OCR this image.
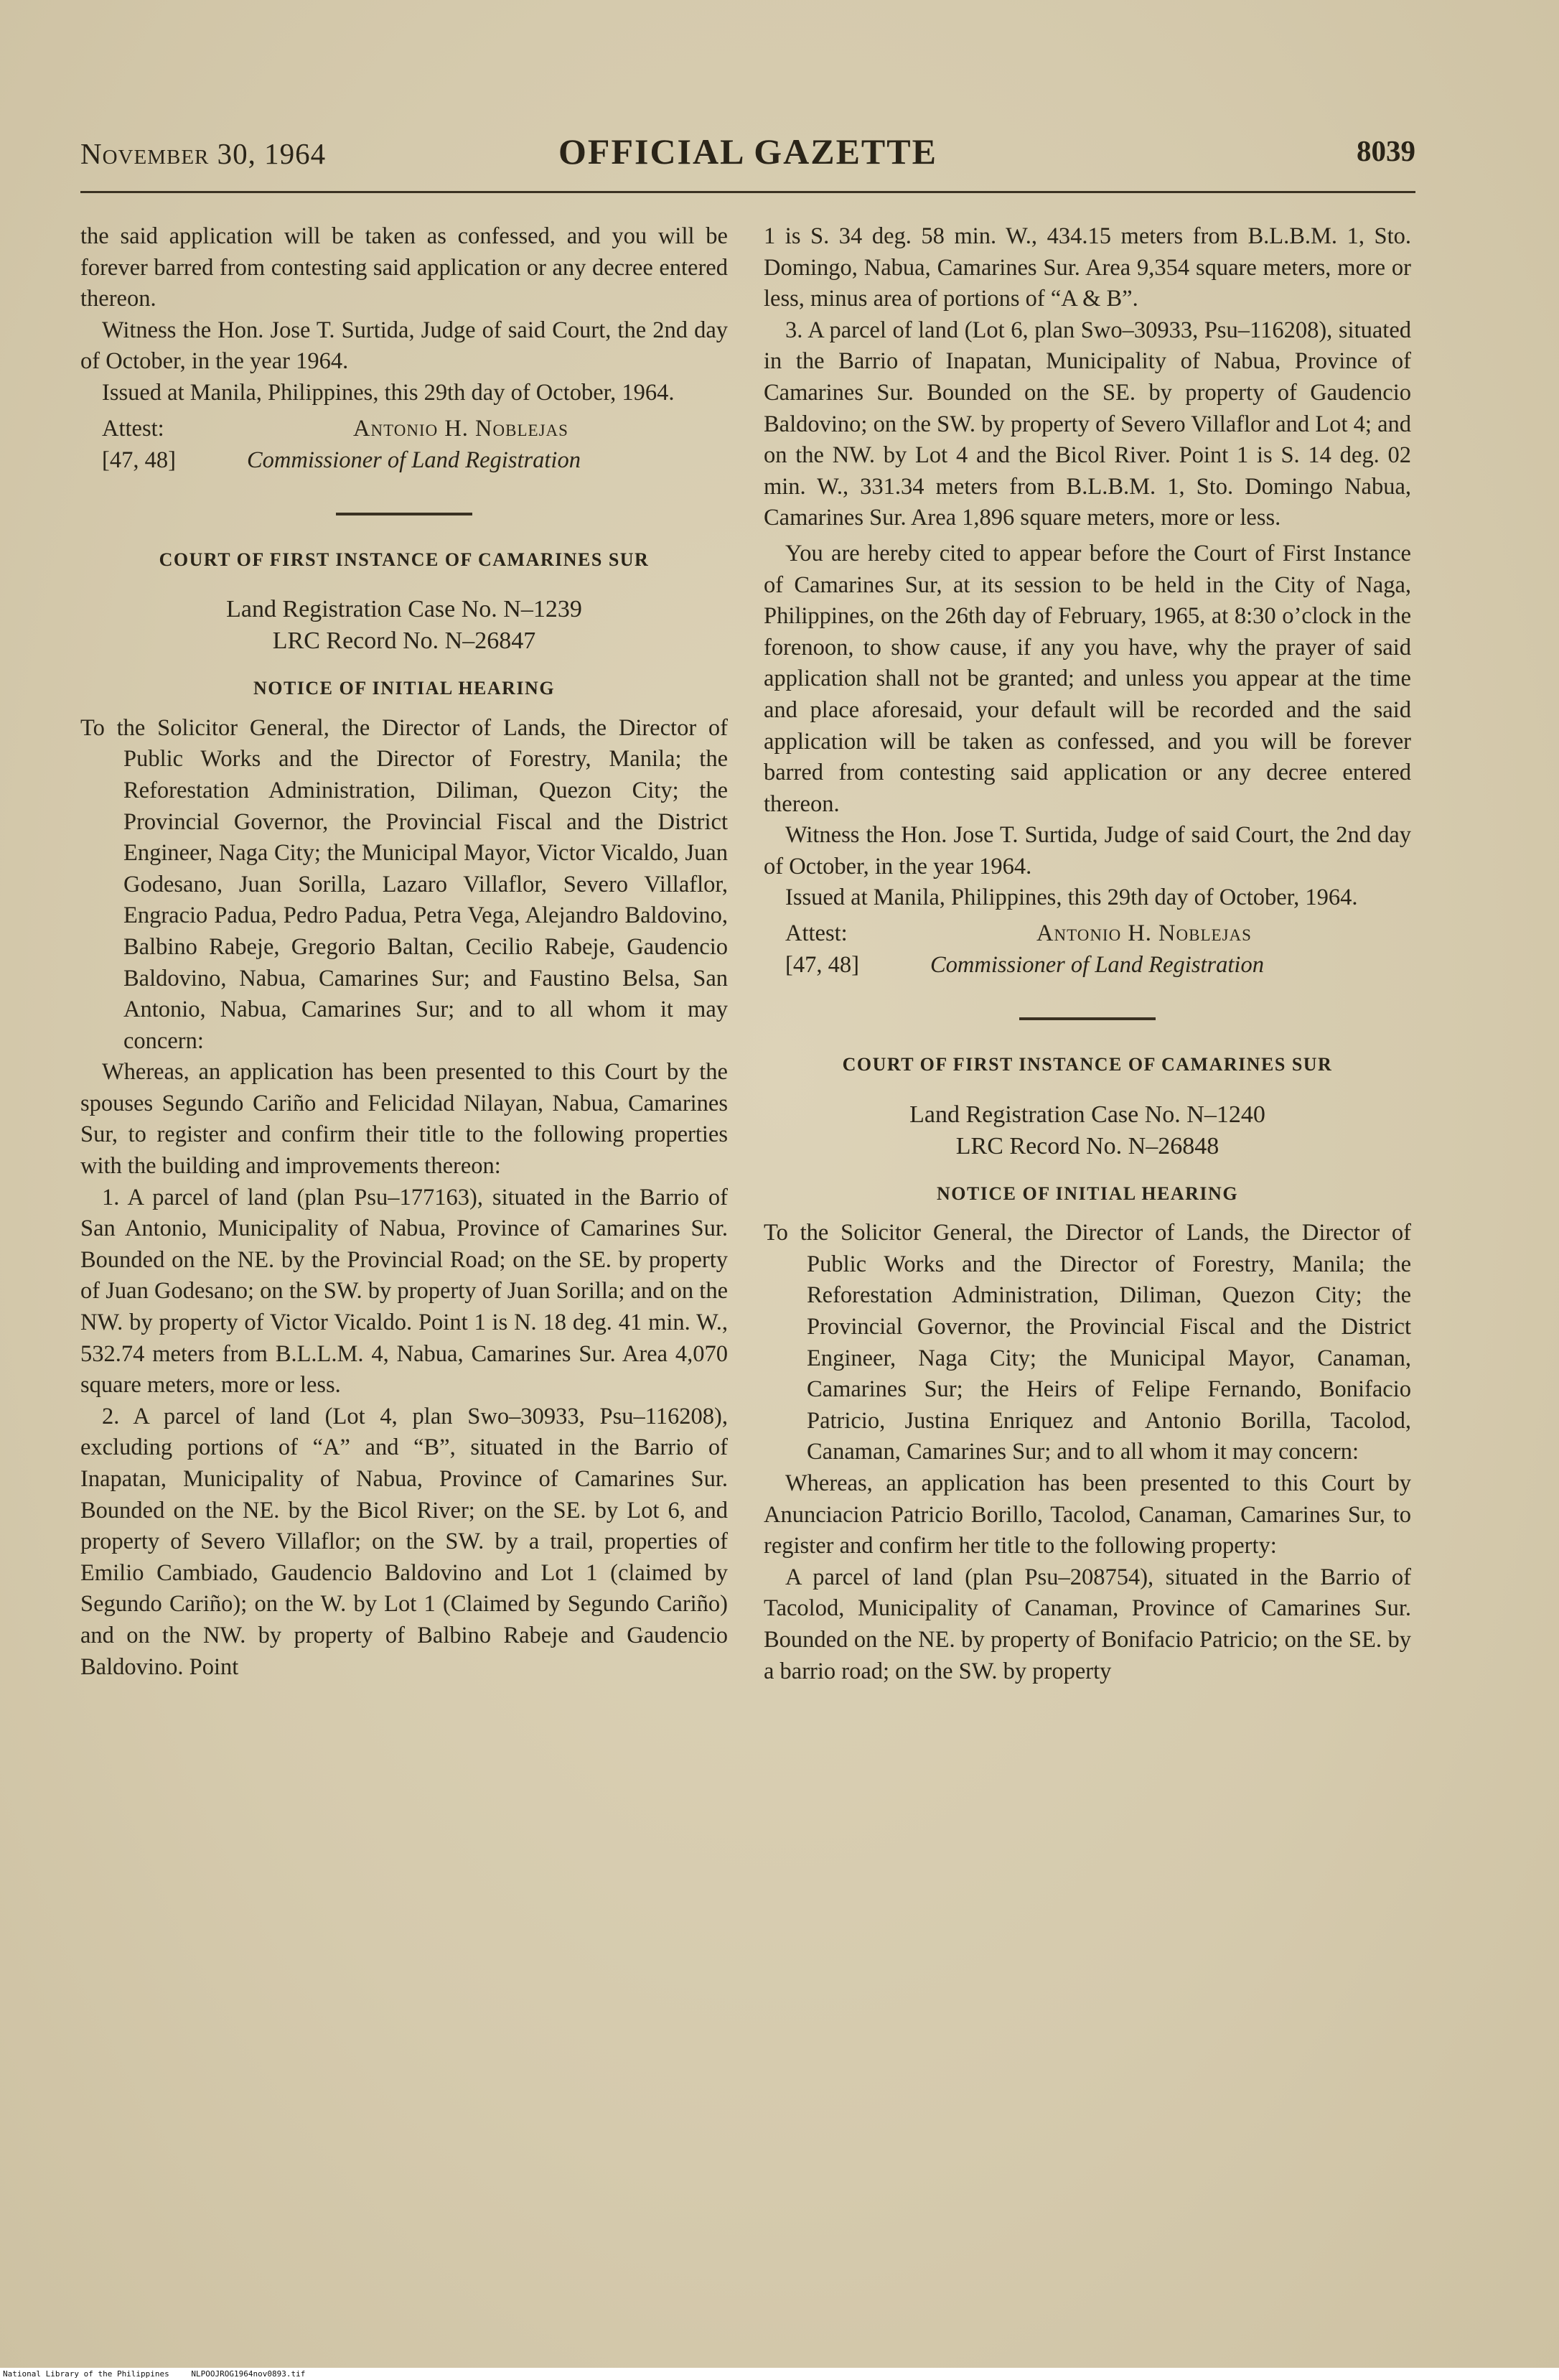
November 30, 1964	OFFICIAL GAZETTE	8039

the said application will be taken as confessed, and you will be forever barred from contesting said application or any decree entered thereon.

Witness the Hon. Jose T. Surtida, Judge of said Court, the 2nd day of October, in the year 1964.

Issued at Manila, Philippines, this 29th day of October, 1964.

Attest:	Antonio H. Noblejas
[47, 48]	Commissioner of Land Registration
COURT OF FIRST INSTANCE OF CAMARINES SUR
Land Registration Case No. N–1239
LRC Record No. N–26847
NOTICE OF INITIAL HEARING

To the Solicitor General, the Director of Lands, the Director of Public Works and the Director of Forestry, Manila; the Reforestation Administration, Diliman, Quezon City; the Provincial Governor, the Provincial Fiscal and the District Engineer, Naga City; the Municipal Mayor, Victor Vicaldo, Juan Godesano, Juan Sorilla, Lazaro Villaflor, Severo Villaflor, Engracio Padua, Pedro Padua, Petra Vega, Alejandro Baldovino, Balbino Rabeje, Gregorio Baltan, Cecilio Rabeje, Gaudencio Baldovino, Nabua, Camarines Sur; and Faustino Belsa, San Antonio, Nabua, Camarines Sur; and to all whom it may concern:

Whereas, an application has been presented to this Court by the spouses Segundo Cariño and Felicidad Nilayan, Nabua, Camarines Sur, to register and confirm their title to the following properties with the building and improvements thereon:

1. A parcel of land (plan Psu–177163), situated in the Barrio of San Antonio, Municipality of Nabua, Province of Camarines Sur. Bounded on the NE. by the Provincial Road; on the SE. by property of Juan Godesano; on the SW. by property of Juan Sorilla; and on the NW. by property of Victor Vicaldo. Point 1 is N. 18 deg. 41 min. W., 532.74 meters from B.L.L.M. 4, Nabua, Camarines Sur. Area 4,070 square meters, more or less.

2. A parcel of land (Lot 4, plan Swo–30933, Psu–116208), excluding portions of “A” and “B”, situated in the Barrio of Inapatan, Municipality of Nabua, Province of Camarines Sur. Bounded on the NE. by the Bicol River; on the SE. by Lot 6, and property of Severo Villaflor; on the SW. by a trail, properties of Emilio Cambiado, Gaudencio Baldovino and Lot 1 (claimed by Segundo Cariño); on the W. by Lot 1 (Claimed by Segundo Cariño) and on the NW. by property of Balbino Rabeje and Gaudencio Baldovino. Point

1 is S. 34 deg. 58 min. W., 434.15 meters from B.L.B.M. 1, Sto. Domingo, Nabua, Camarines Sur. Area 9,354 square meters, more or less, minus area of portions of “A & B”.

3. A parcel of land (Lot 6, plan Swo–30933, Psu–116208), situated in the Barrio of Inapatan, Municipality of Nabua, Province of Camarines Sur. Bounded on the SE. by property of Gaudencio Baldovino; on the SW. by property of Severo Villaflor and Lot 4; and on the NW. by Lot 4 and the Bicol River. Point 1 is S. 14 deg. 02 min. W., 331.34 meters from B.L.B.M. 1, Sto. Domingo Nabua, Camarines Sur. Area 1,896 square meters, more or less.

You are hereby cited to appear before the Court of First Instance of Camarines Sur, at its session to be held in the City of Naga, Philippines, on the 26th day of February, 1965, at 8:30 o’clock in the forenoon, to show cause, if any you have, why the prayer of said application shall not be granted; and unless you appear at the time and place aforesaid, your default will be recorded and the said application will be taken as confessed, and you will be forever barred from contesting said application or any decree entered thereon.

Witness the Hon. Jose T. Surtida, Judge of said Court, the 2nd day of October, in the year 1964.

Issued at Manila, Philippines, this 29th day of October, 1964.

Attest:	Antonio H. Noblejas
[47, 48]	Commissioner of Land Registration
COURT OF FIRST INSTANCE OF CAMARINES SUR
Land Registration Case No. N–1240
LRC Record No. N–26848
NOTICE OF INITIAL HEARING

To the Solicitor General, the Director of Lands, the Director of Public Works and the Director of Forestry, Manila; the Reforestation Administration, Diliman, Quezon City; the Provincial Governor, the Provincial Fiscal and the District Engineer, Naga City; the Municipal Mayor, Canaman, Camarines Sur; the Heirs of Felipe Fernando, Bonifacio Patricio, Justina Enriquez and Antonio Borilla, Tacolod, Canaman, Camarines Sur; and to all whom it may concern:

Whereas, an application has been presented to this Court by Anunciacion Patricio Borillo, Tacolod, Canaman, Camarines Sur, to register and confirm her title to the following property:

A parcel of land (plan Psu–208754), situated in the Barrio of Tacolod, Municipality of Canaman, Province of Camarines Sur. Bounded on the NE. by property of Bonifacio Patricio; on the SE. by a barrio road; on the SW. by property

National Library of the Philippines	NLPOOJROG1964nov0893.tif
